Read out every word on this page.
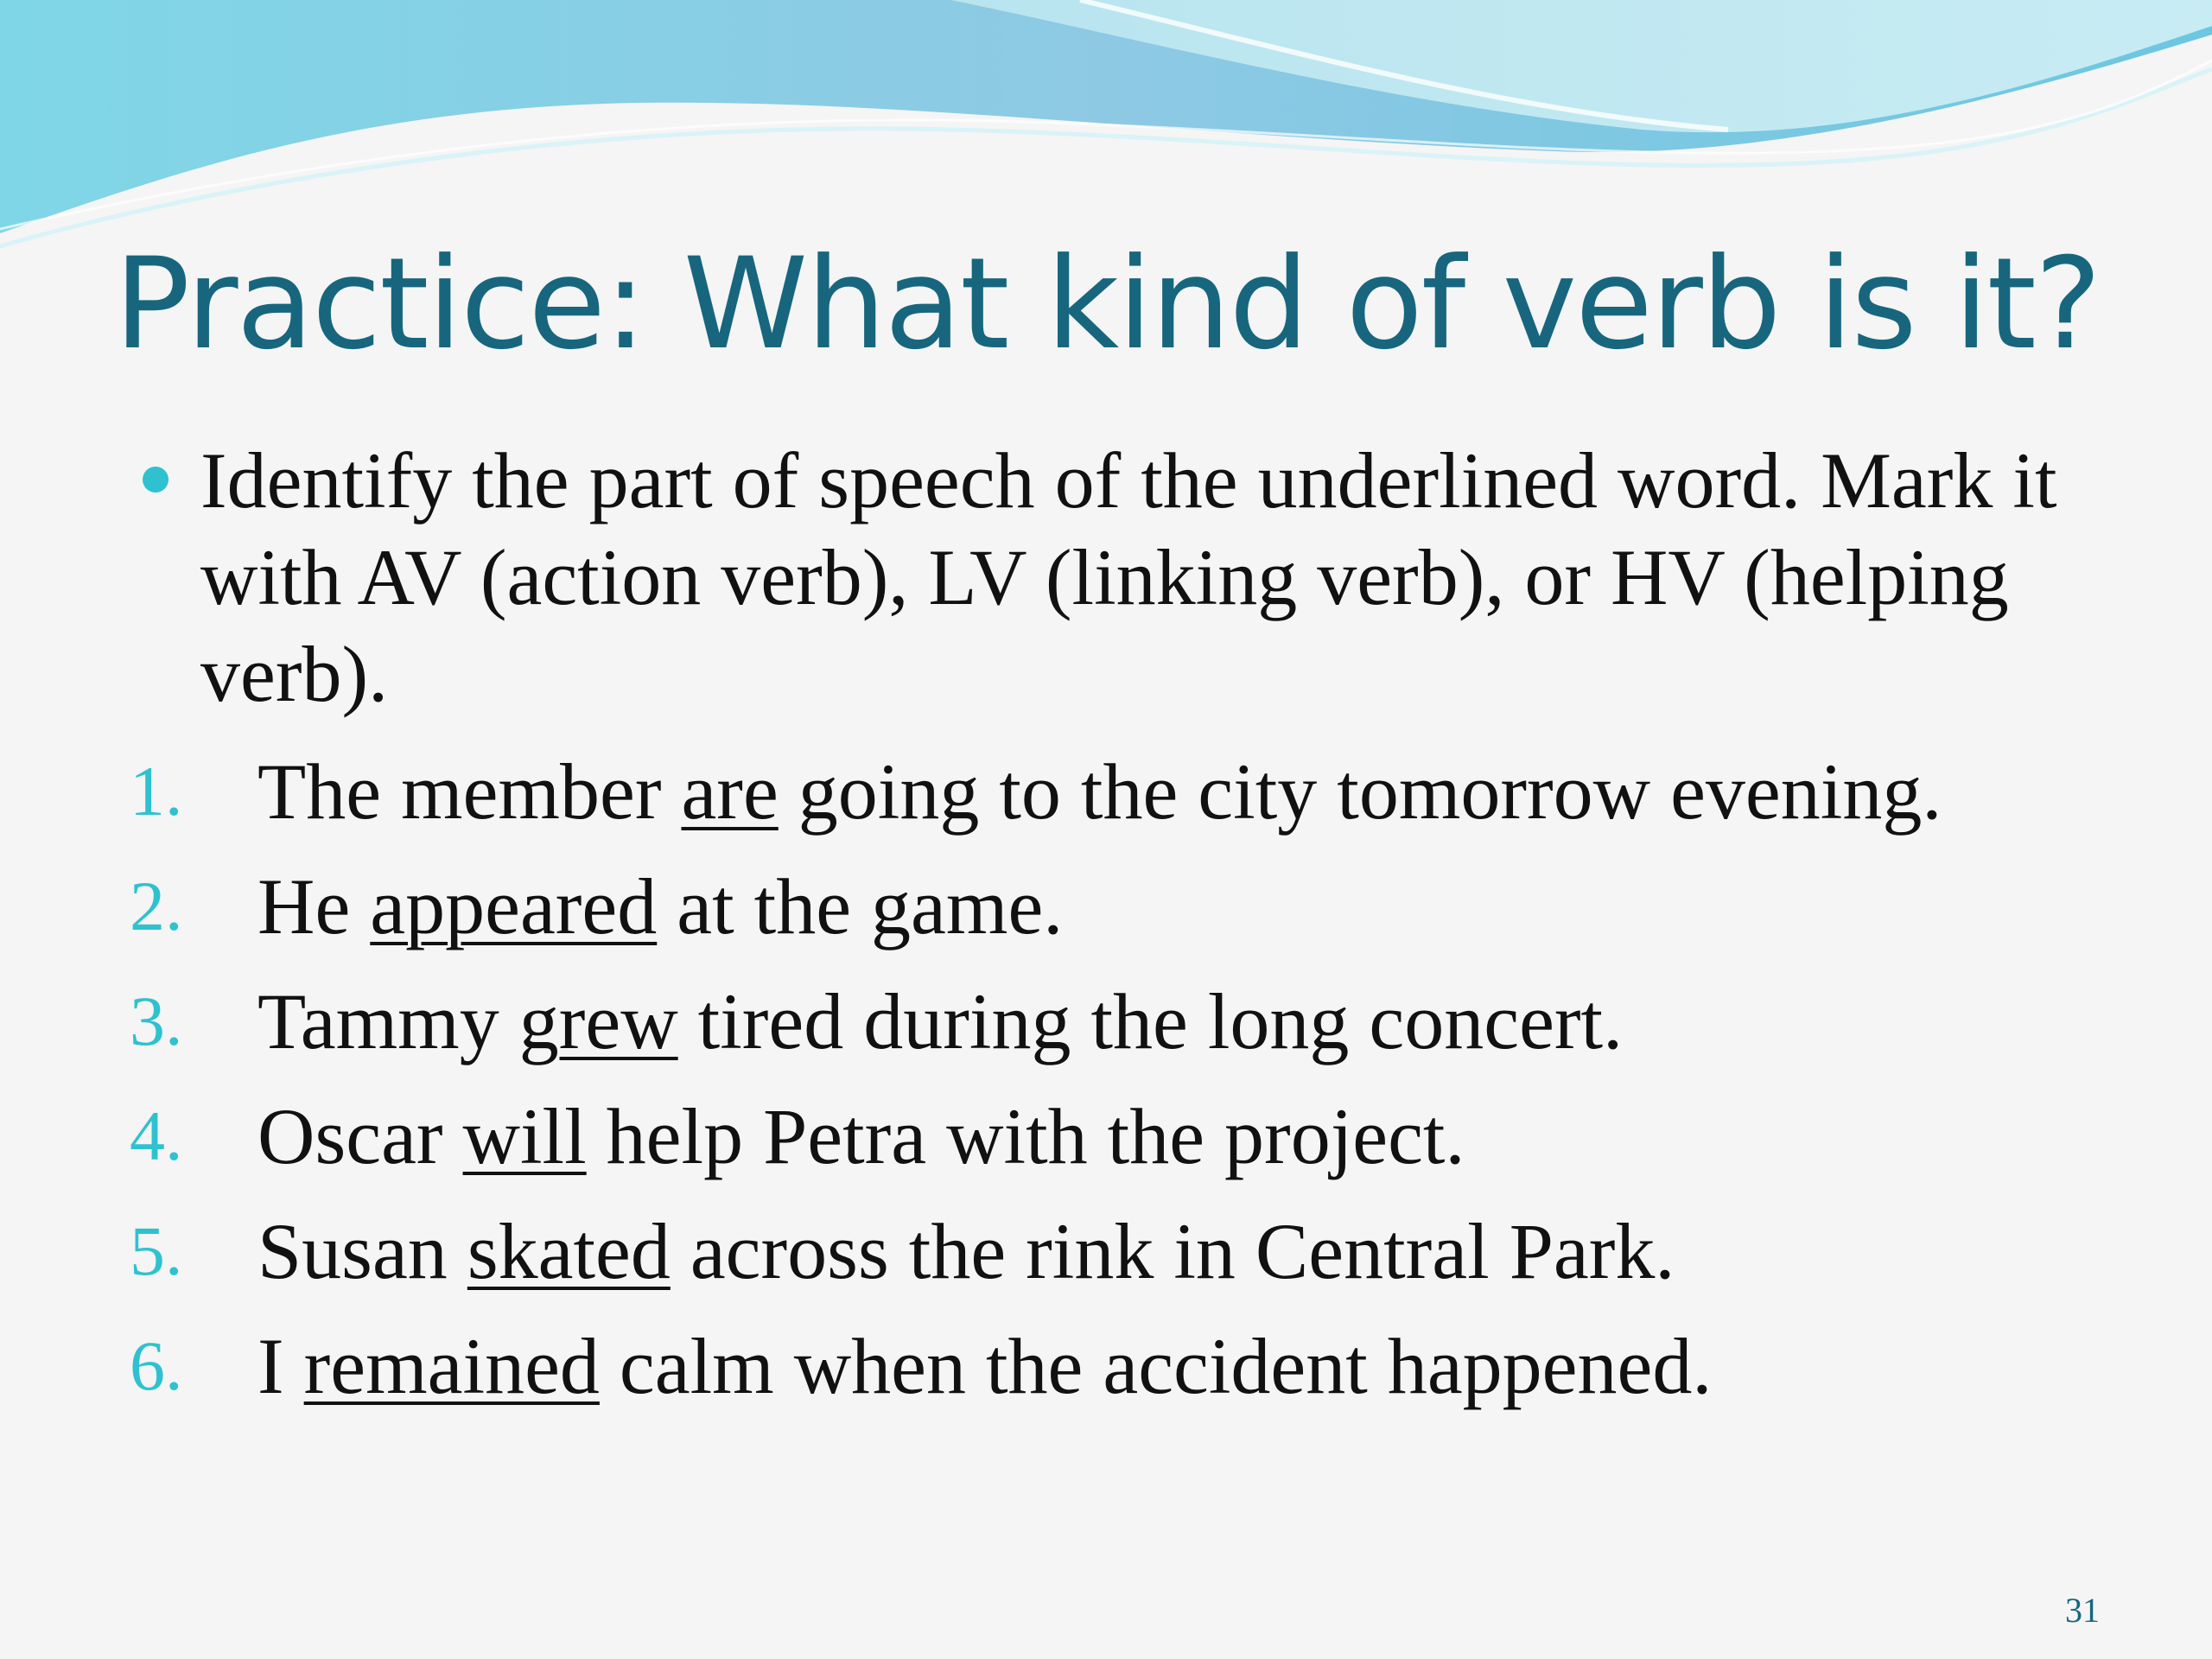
Practice: What kind of verb is it?

Identify the part of speech of the underlined word. Mark it with AV (action verb), LV (linking verb), or HV (helping verb).

1. The member are going to the city tomorrow evening.
2. He appeared at the game.
3. Tammy grew tired during the long concert.
4. Oscar will help Petra with the project.
5. Susan skated across the rink in Central Park.
6. I remained calm when the accident happened.
31
